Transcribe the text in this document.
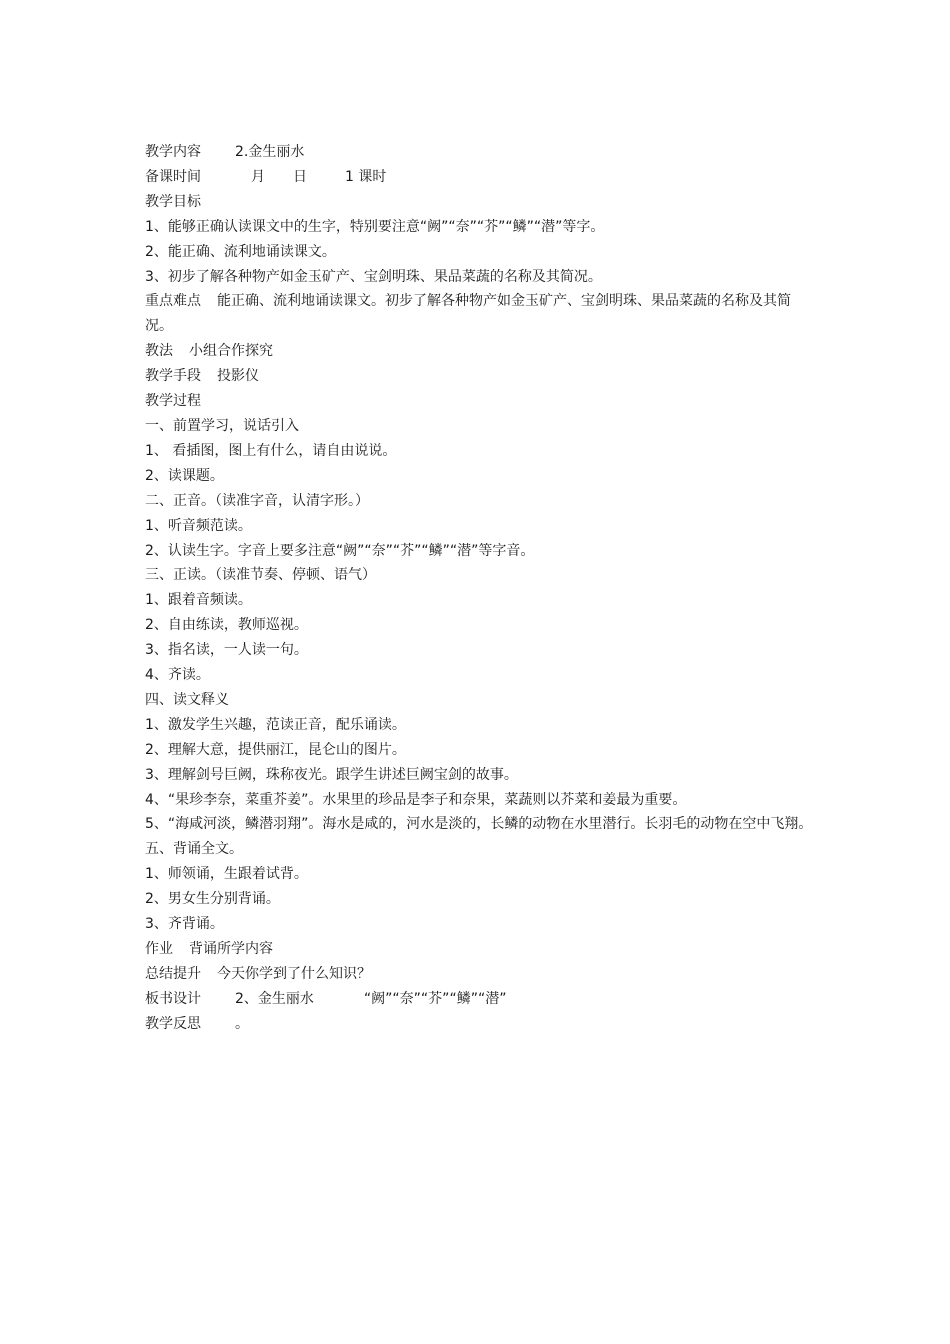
教学内容 2.金生丽水
备课时间	月 日	1 课时
教学目标
1、能够正确认读课文中的生字，特别要注意“阙”“奈”“芥”“鳞”“潜”等字。
2、能正确、流利地诵读课文。
3、初步了解各种物产如金玉矿产、宝剑明珠、果品菜蔬的名称及其简况。
重点难点 能正确、流利地诵读课文。初步了解各种物产如金玉矿产、宝剑明珠、果品菜蔬的名称及其简况。
教法 小组合作探究
教学手段 投影仪
教学过程
一、前置学习，说话引入
1、 看插图，图上有什么，请自由说说。
2、读课题。
二、正音。（读准字音，认清字形。）
1、听音频范读。
2、认读生字。字音上要多注意“阙”“奈”“芥”“鳞”“潜”等字音。
三、正读。（读准节奏、停顿、语气）
1、跟着音频读。
2、自由练读，教师巡视。
3、指名读，一人读一句。
4、齐读。
四、读文释义
1、激发学生兴趣，范读正音，配乐诵读。
2、理解大意，提供丽江，昆仑山的图片。
3、理解剑号巨阙，珠称夜光。跟学生讲述巨阙宝剑的故事。
4、“果珍李奈，菜重芥姜”。水果里的珍品是李子和奈果，菜蔬则以芥菜和姜最为重要。
5、“海咸河淡，鳞潜羽翔”。海水是咸的，河水是淡的，长鳞的动物在水里潜行。长羽毛的动物在空中飞翔。
五、背诵全文。
1、师领诵，生跟着试背。
2、男女生分别背诵。
3、齐背诵。
作业 背诵所学内容
总结提升 今天你学到了什么知识？
板书设计 2、金生丽水	“阙”“奈”“芥”“鳞”“潜”
教学反思 。
